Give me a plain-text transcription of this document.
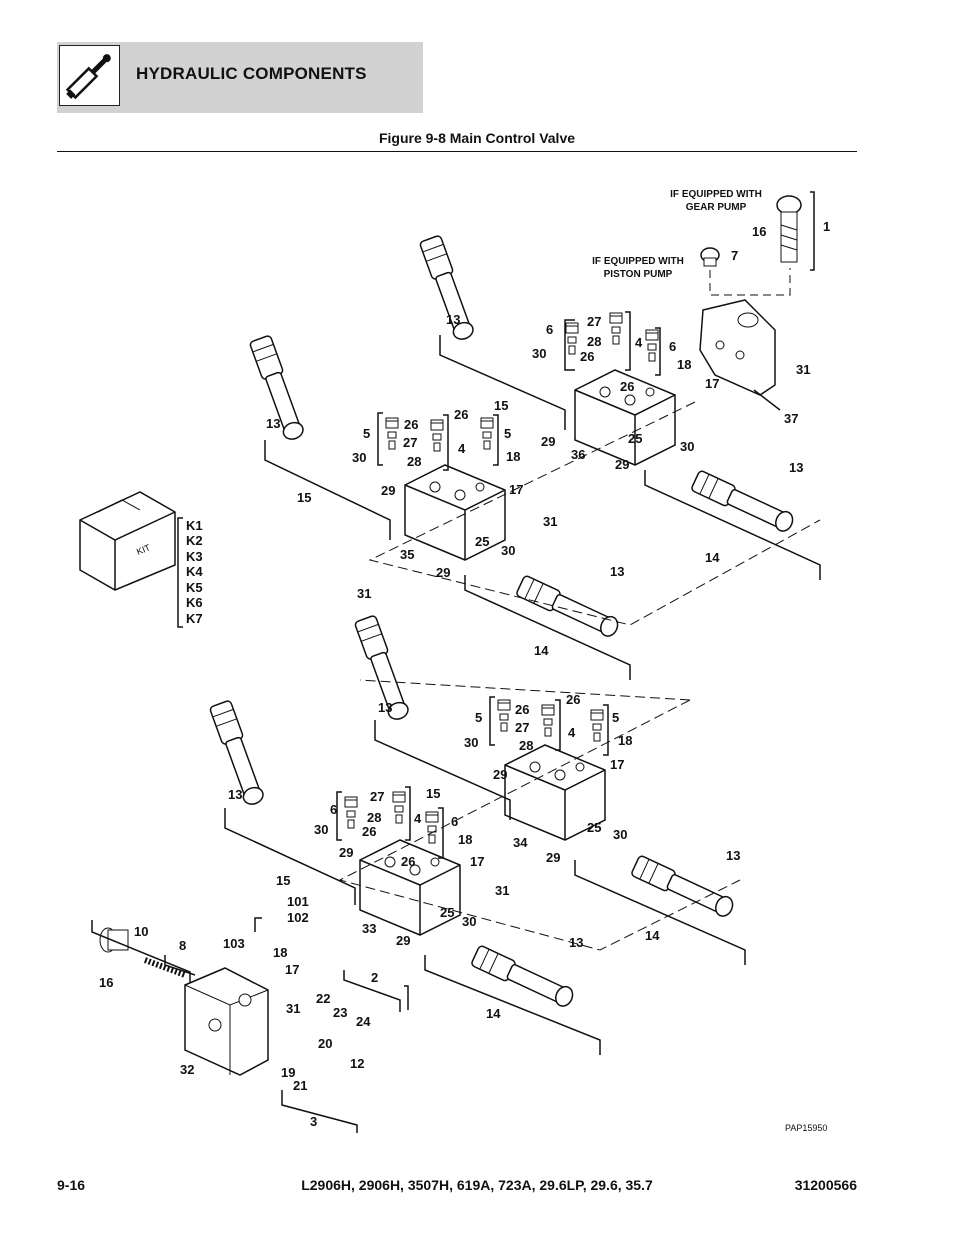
HYDRAULIC COMPONENTS
Figure 9-8 Main Control Valve
KIT
IF EQUIPPED WITH
GEAR PUMP
IF EQUIPPED WITH
PISTON PUMP
K1
K2
K3
K4
K5
K6
K7
1
16
7
31
37
13
6
27
28	4 6
30	26
18
26	17
15
26
13	26
5	5	25
29
27	30
4	36
30	18
28	29	13
29	17
15
31
25
30
35	14
29	13
31
14
13
26
26
5	5
27	4
30	28	18
17
29
13	27	15
6
28	4 6	25
30	26	30
18	34
29	13
29
26	17
15
31
101
25
102	30
33
10	14
29	13
103
8	18
17
2
16
22
31	14
23
24
20
12
32	19
21
3	PAP15950
9-16	L2906H, 2906H, 3507H, 619A, 723A, 29.6LP, 29.6, 35.7	31200566
